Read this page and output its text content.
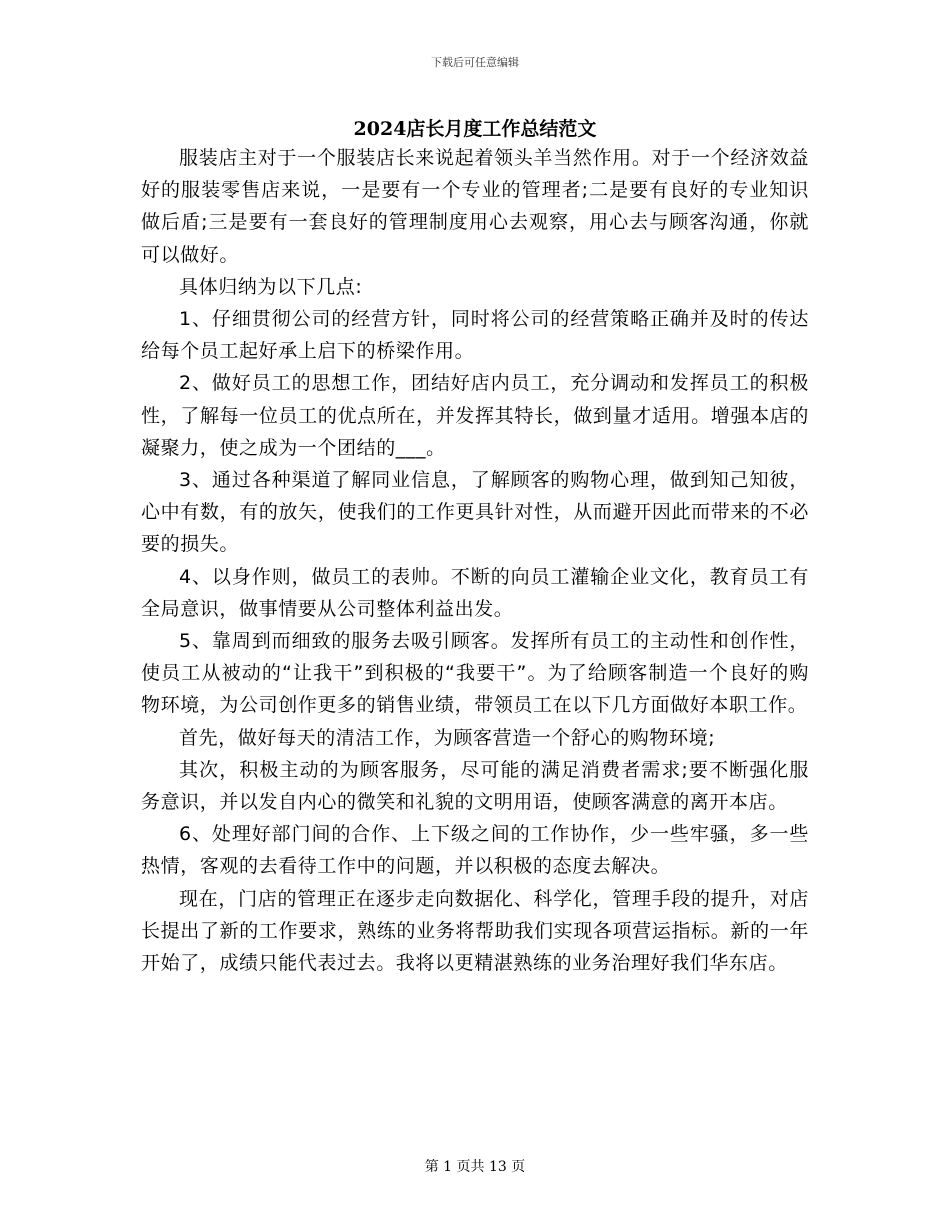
下载后可任意编辑
2024店长月度工作总结范文

服装店主对于一个服装店长来说起着领头羊当然作用。对于一个经济效益好的服装零售店来说，一是要有一个专业的管理者;二是要有良好的专业知识做后盾;三是要有一套良好的管理制度用心去观察，用心去与顾客沟通，你就可以做好。

具体归纳为以下几点:

1、仔细贯彻公司的经营方针，同时将公司的经营策略正确并及时的传达给每个员工起好承上启下的桥梁作用。

2、做好员工的思想工作，团结好店内员工，充分调动和发挥员工的积极性，了解每一位员工的优点所在，并发挥其特长，做到量才适用。增强本店的凝聚力，使之成为一个团结的___。

3、通过各种渠道了解同业信息，了解顾客的购物心理，做到知己知彼，心中有数，有的放矢，使我们的工作更具针对性，从而避开因此而带来的不必要的损失。

4、以身作则，做员工的表帅。不断的向员工灌输企业文化，教育员工有全局意识，做事情要从公司整体利益出发。

5、靠周到而细致的服务去吸引顾客。发挥所有员工的主动性和创作性，使员工从被动的“让我干”到积极的“我要干”。为了给顾客制造一个良好的购物环境，为公司创作更多的销售业绩，带领员工在以下几方面做好本职工作。

首先，做好每天的清洁工作，为顾客营造一个舒心的购物环境;

其次，积极主动的为顾客服务，尽可能的满足消费者需求;要不断强化服务意识，并以发自内心的微笑和礼貌的文明用语，使顾客满意的离开本店。

6、处理好部门间的合作、上下级之间的工作协作，少一些牢骚，多一些热情，客观的去看待工作中的问题，并以积极的态度去解决。

现在，门店的管理正在逐步走向数据化、科学化，管理手段的提升，对店长提出了新的工作要求，熟练的业务将帮助我们实现各项营运指标。新的一年开始了，成绩只能代表过去。我将以更精湛熟练的业务治理好我们华东店。

第 1 页共 13 页
